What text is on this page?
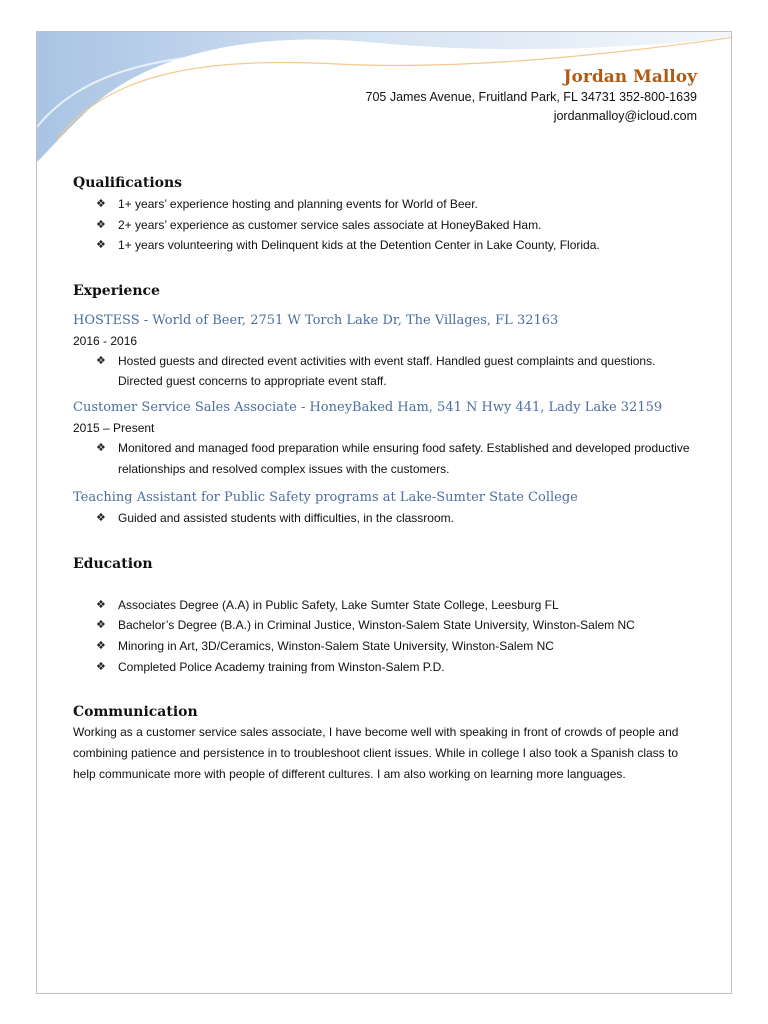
Jordan Malloy
705 James Avenue, Fruitland Park, FL 34731 352-800-1639
jordanmalloy@icloud.com
Qualifications
❖ 1+ years’ experience hosting and planning events for World of Beer.
❖ 2+ years’ experience as customer service sales associate at HoneyBaked Ham.
❖ 1+ years volunteering with Delinquent kids at the Detention Center in Lake County, Florida.
Experience
HOSTESS - World of Beer, 2751 W Torch Lake Dr, The Villages, FL 32163
2016 - 2016
❖ Hosted guests and directed event activities with event staff. Handled guest complaints and questions. Directed guest concerns to appropriate event staff.
Customer Service Sales Associate - HoneyBaked Ham, 541 N Hwy 441, Lady Lake 32159
2015 – Present
❖ Monitored and managed food preparation while ensuring food safety. Established and developed productive relationships and resolved complex issues with the customers.
Teaching Assistant for Public Safety programs at Lake-Sumter State College
❖ Guided and assisted students with difficulties, in the classroom.
Education
❖ Associates Degree (A.A) in Public Safety, Lake Sumter State College, Leesburg FL
❖ Bachelor’s Degree (B.A.) in Criminal Justice, Winston-Salem State University, Winston-Salem NC
❖ Minoring in Art, 3D/Ceramics, Winston-Salem State University, Winston-Salem NC
❖ Completed Police Academy training from Winston-Salem P.D.
Communication

Working as a customer service sales associate, I have become well with speaking in front of crowds of people and combining patience and persistence in to troubleshoot client issues. While in college I also took a Spanish class to help communicate more with people of different cultures. I am also working on learning more languages.
